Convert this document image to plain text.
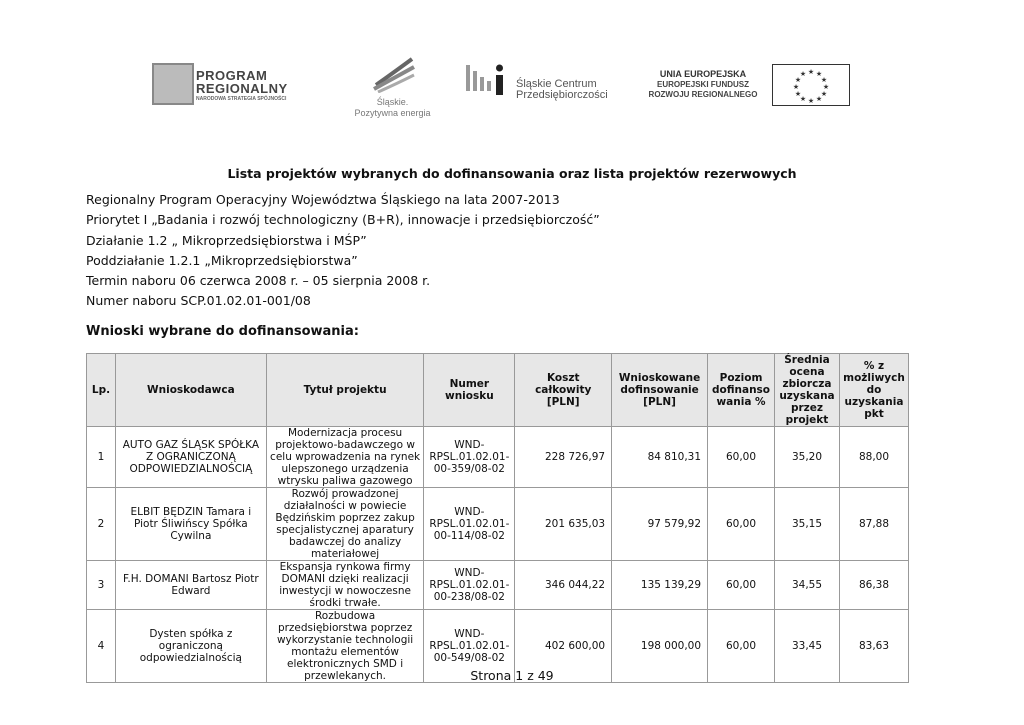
PROGRAM
REGIONALNY
NARODOWA STRATEGIA SPÓJNOŚCI	Śląskie.
Pozytywna energia
Śląskie Centrum
Przedsiębiorczości
UNIA EUROPEJSKA
EUROPEJSKI FUNDUSZ
ROZWOJU REGIONALNEGO
★ ★
★
★
★
★
★
★
★
★
★
★
Lista projektów wybranych do dofinansowania oraz lista projektów rezerwowych
Regionalny Program Operacyjny Województwa Śląskiego na lata 2007-2013
Priorytet I „Badania i rozwój technologiczny (B+R), innowacje i przedsiębiorczość”
Działanie 1.2 „ Mikroprzedsiębiorstwa i MŚP”
Poddziałanie 1.2.1 „Mikroprzedsiębiorstwa”
Termin naboru 06 czerwca 2008 r. – 05 sierpnia 2008 r.
Numer naboru SCP.01.02.01-001/08
Wnioski wybrane do dofinansowania:
Lp.	Wnioskodawca	Tytuł projektu	Numer wniosku	Koszt całkowity [PLN]	Wnioskowane dofinsowanie [PLN]	Poziom dofinanso wania %	Średnia ocena zbiorcza uzyskana przez projekt	% z możliwych do uzyskania pkt
1	AUTO GAZ ŚLĄSK SPÓŁKA Z OGRANICZONĄ ODPOWIEDZIALNOŚCIĄ	Modernizacja procesu projektowo-badawczego w celu wprowadzenia na rynek ulepszonego urządzenia wtrysku paliwa gazowego	WND-RPSL.01.02.01-00-359/08-02	228 726,97	84 810,31	60,00	35,20	88,00
2	ELBIT BĘDZIN Tamara i Piotr Śliwińscy Spółka Cywilna	Rozwój prowadzonej działalności w powiecie Będzińskim poprzez zakup specjalistycznej aparatury badawczej do analizy materiałowej	WND-RPSL.01.02.01-00-114/08-02	201 635,03	97 579,92	60,00	35,15	87,88
3	F.H. DOMANI Bartosz Piotr Edward	Ekspansja rynkowa firmy DOMANI dzięki realizacji inwestycji w nowoczesne środki trwałe.	WND-RPSL.01.02.01-00-238/08-02	346 044,22	135 139,29	60,00	34,55	86,38
4	Dysten spółka z ograniczoną odpowiedzialnością	Rozbudowa przedsiębiorstwa poprzez wykorzystanie technologii montażu elementów elektronicznych SMD i przewlekanych.	WND-RPSL.01.02.01-00-549/08-02	402 600,00	198 000,00	60,00	33,45	83,63
Strona 1 z 49
